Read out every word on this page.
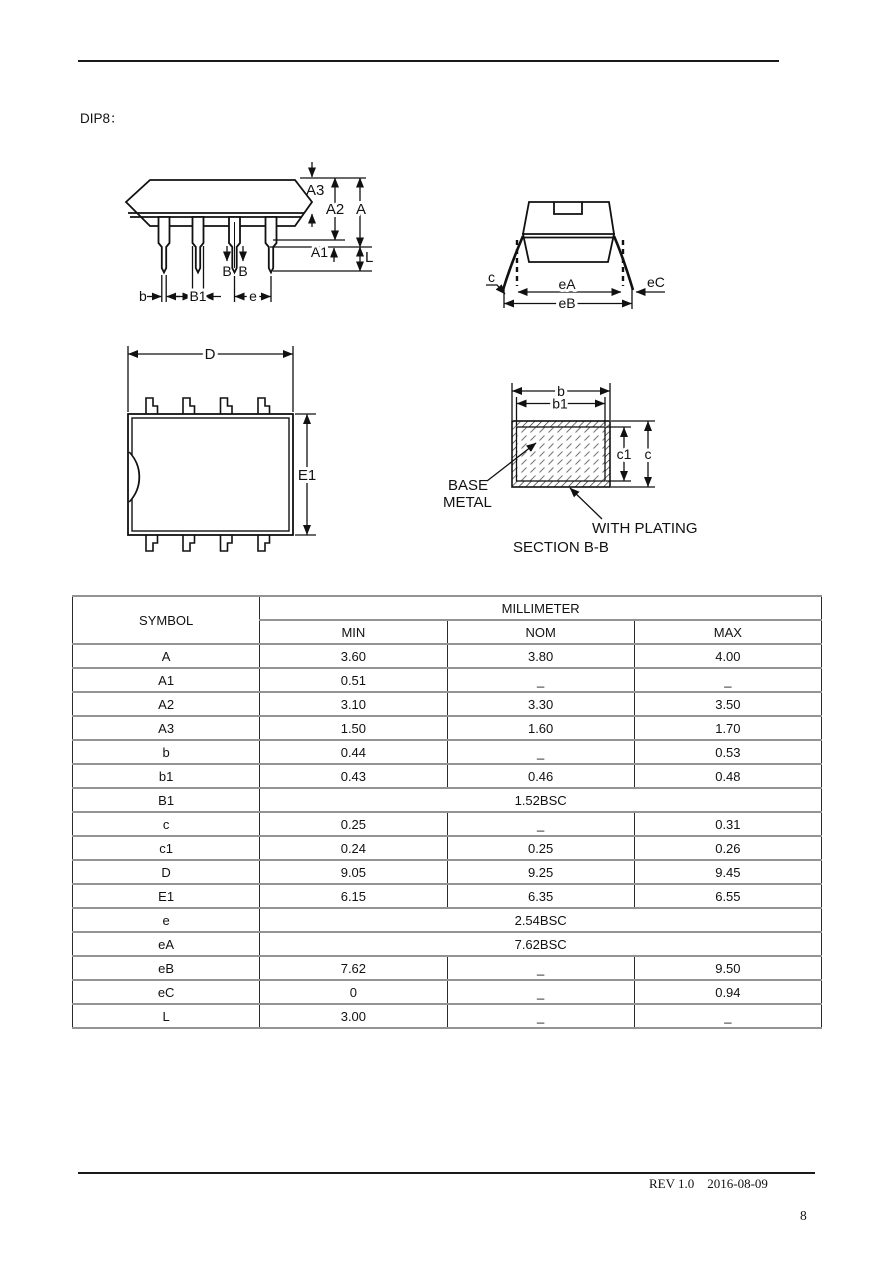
DIP8：
B B
A3
A2 A
A1 L
b	B1	e
c	eA
eB
eC
D
E1
b
b1
c1 c
BASE
METAL
WITH PLATING
SECTION B-B
SYMBOL	MILLIMETER		
	MIN	NOM	MAX
A	3.60	3.80	4.00
A1	0.51	_	_
A2	3.10	3.30	3.50
A3	1.50	1.60	1.70
b	0.44	_	0.53
b1	0.43	0.46	0.48
B1	1.52BSC		
c	0.25	_	0.31
c1	0.24	0.25	0.26
D	9.05	9.25	9.45
E1	6.15	6.35	6.55
e	2.54BSC		
eA	7.62BSC		
eB	7.62	_	9.50
eC	0	_	0.94
L	3.00	_	_
REV 1.0 2016-08-09
8
